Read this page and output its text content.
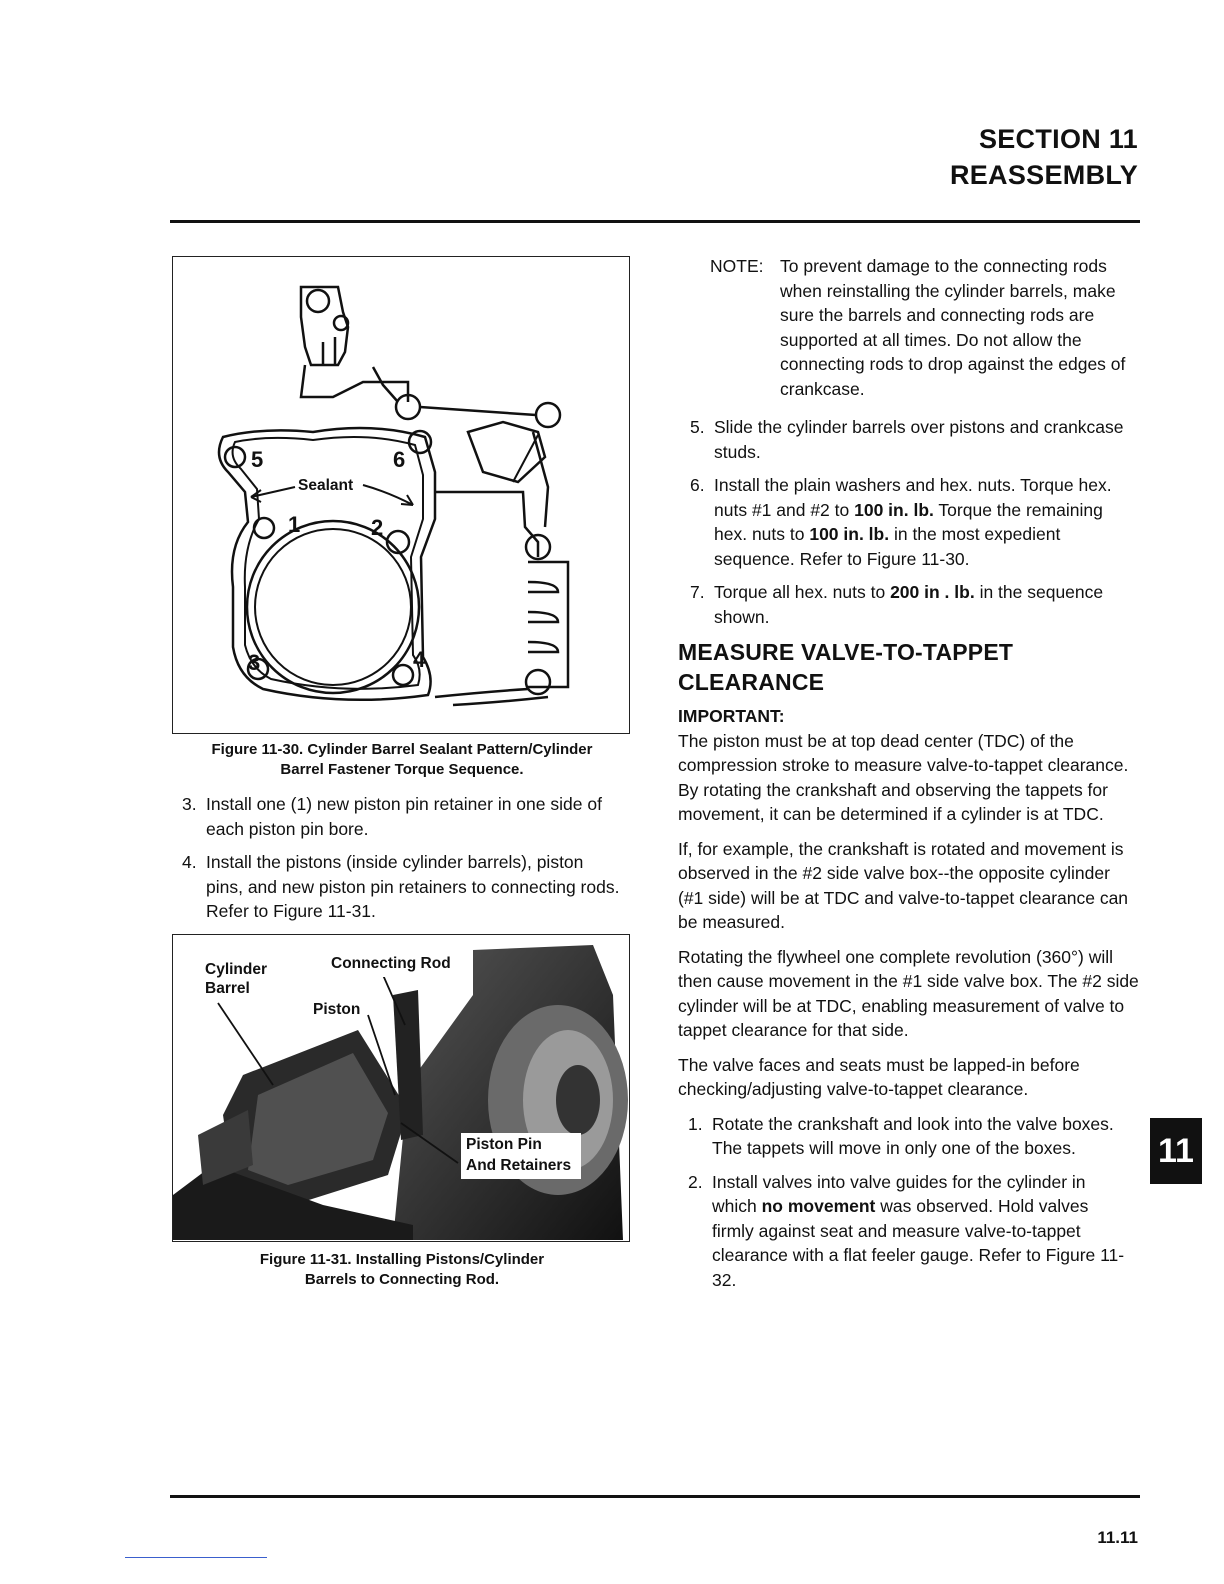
SECTION 11
REASSEMBLY
Sealant
5	6
1	2
3	4
Figure 11-30. Cylinder Barrel Sealant Pattern/Cylinder
Barrel Fastener Torque Sequence.
3. Install one (1) new piston pin retainer in one side of each piston pin bore.
4. Install the pistons (inside cylinder barrels), piston pins, and new piston pin retainers to connecting rods. Refer to Figure 11-31.
Cylinder
Barrel
Connecting Rod
Piston
Piston Pin
And Retainers
Figure 11-31. Installing Pistons/Cylinder
Barrels to Connecting Rod.
NOTE: To prevent damage to the connecting rods when reinstalling the cylinder barrels, make sure the barrels and connecting rods are supported at all times. Do not allow the connecting rods to drop against the edges of crankcase.
5. Slide the cylinder barrels over pistons and crankcase studs.
6. Install the plain washers and hex. nuts. Torque hex. nuts #1 and #2 to 100 in. lb. Torque the remaining hex. nuts to 100 in. lb. in the most expedient sequence. Refer to Figure 11-30.
7. Torque all hex. nuts to 200 in . lb. in the sequence shown.
MEASURE VALVE-TO-TAPPET
CLEARANCE
IMPORTANT:

The piston must be at top dead center (TDC) of the compression stroke to measure valve-to-tappet clearance. By rotating the crankshaft and observing the tappets for movement, it can be determined if a cylinder is at TDC.

If, for example, the crankshaft is rotated and movement is observed in the #2 side valve box--the opposite cylinder (#1 side) will be at TDC and valve-to-tappet clearance can be measured.

Rotating the flywheel one complete revolution (360°) will then cause movement in the #1 side valve box. The #2 side cylinder will be at TDC, enabling measurement of valve to tappet clearance for that side.

The valve faces and seats must be lapped-in before checking/adjusting valve-to-tappet clearance.

1. Rotate the crankshaft and look into the valve boxes. The tappets will move in only one of the boxes.
2. Install valves into valve guides for the cylinder in which no movement was observed. Hold valves firmly against seat and measure valve-to-tappet clearance with a flat feeler gauge. Refer to Figure 11-32.
11
11.11
